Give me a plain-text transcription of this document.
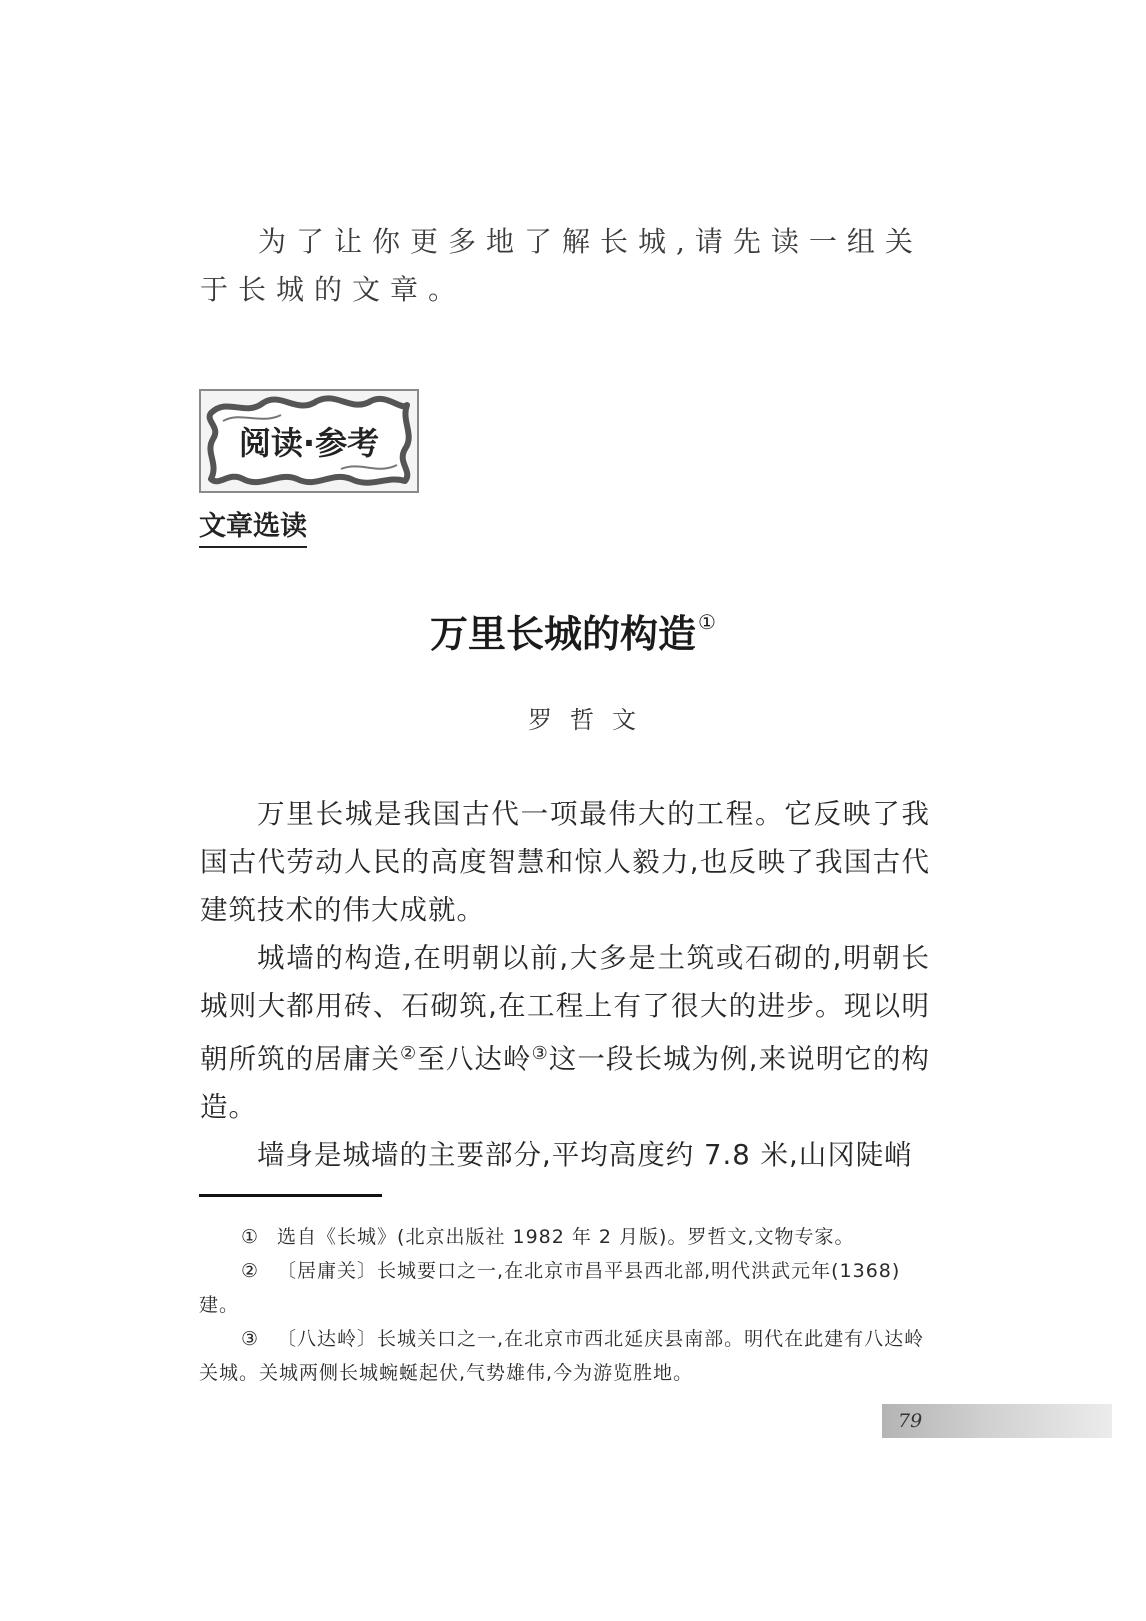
为了让你更多地了解长城,请先读一组关于长城的文章。

阅读·参考
文章选读
万里长城的构造 ①

罗哲文

万里长城是我国古代一项最伟大的工程。它反映了我国古代劳动人民的高度智慧和惊人毅力,也反映了我国古代建筑技术的伟大成就。

城墙的构造,在明朝以前,大多是土筑或石砌的,明朝长城则大都用砖、石砌筑,在工程上有了很大的进步。现以明朝所筑的居庸关②至八达岭③这一段长城为例,来说明它的构造。

墙身是城墙的主要部分,平均高度约 7.8 米,山冈陡峭

① 选自《长城》(北京出版社 1982 年 2 月版)。罗哲文,文物专家。

② 〔居庸关〕长城要口之一,在北京市昌平县西北部,明代洪武元年(1368)建。

③ 〔八达岭〕长城关口之一,在北京市西北延庆县南部。明代在此建有八达岭关城。关城两侧长城蜿蜒起伏,气势雄伟,今为游览胜地。

79
